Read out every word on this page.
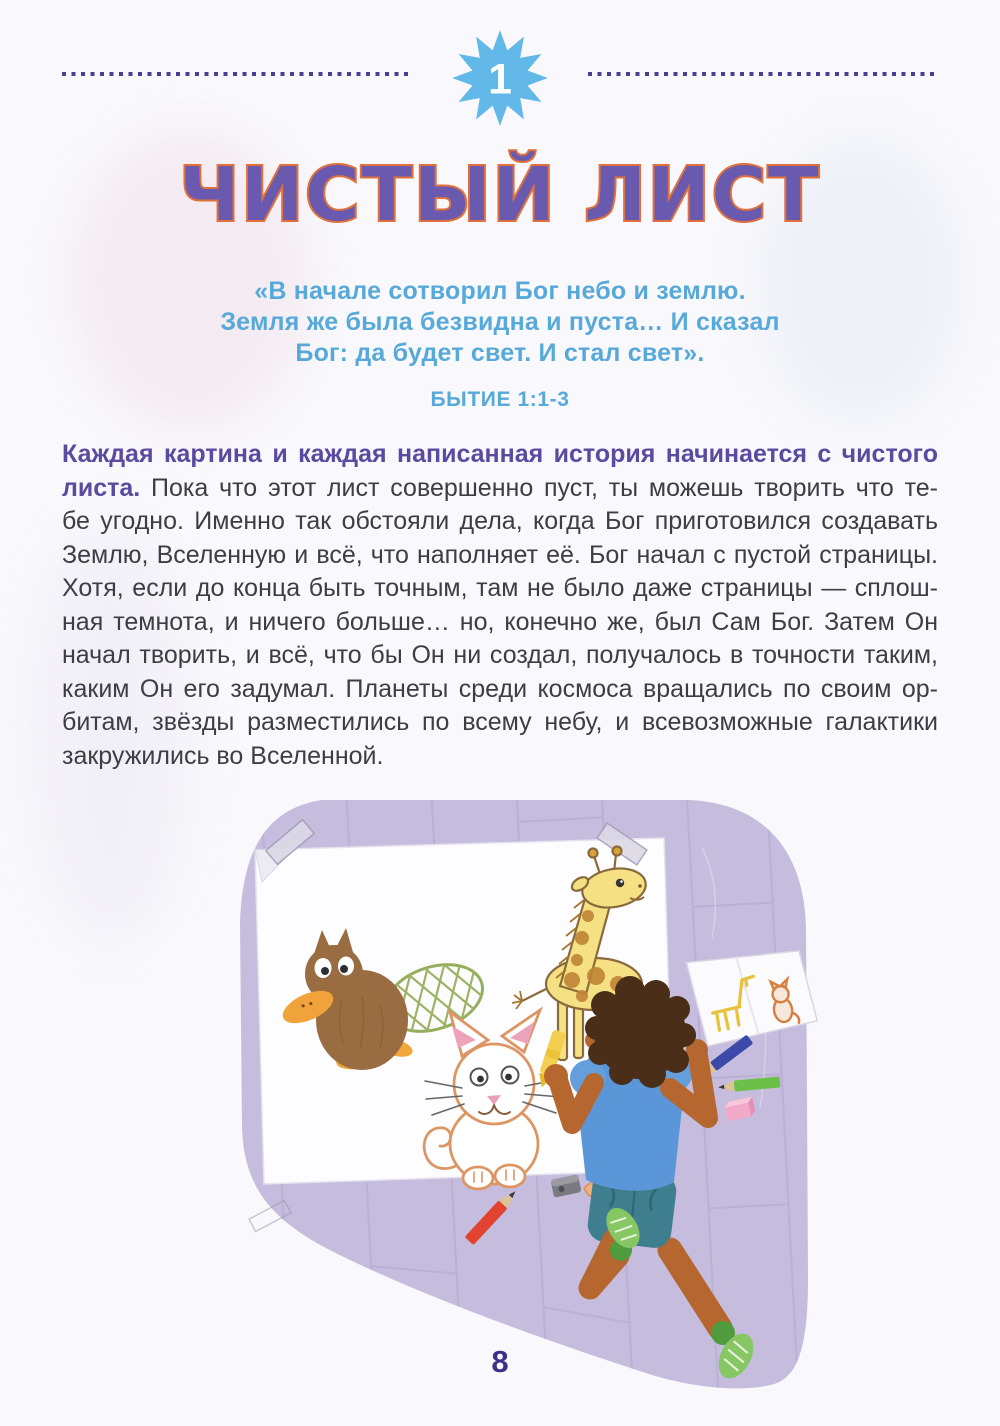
1
ЧИСТЫЙ ЛИСТ
«В начале сотворил Бог небо и землю.
Земля же была безвидна и пуста… И сказал
Бог: да будет свет. И стал свет».
БЫТИЕ 1:1-3
Каждая картина и каждая написанная история начинается с чистого
листа. Пока что этот лист совершенно пуст, ты можешь творить что те-
бе угодно. Именно так обстояли дела, когда Бог приготовился создавать
Землю, Вселенную и всё, что наполняет её. Бог начал с пустой страницы.
Хотя, если до конца быть точным, там не было даже страницы — сплош-
ная темнота, и ничего больше… но, конечно же, был Сам Бог. Затем Он
начал творить, и всё, что бы Он ни создал, получалось в точности таким,
каким Он его задумал. Планеты среди космоса вращались по своим ор-
битам, звёзды разместились по всему небу, и всевозможные галактики
закружились во Вселенной.
8
